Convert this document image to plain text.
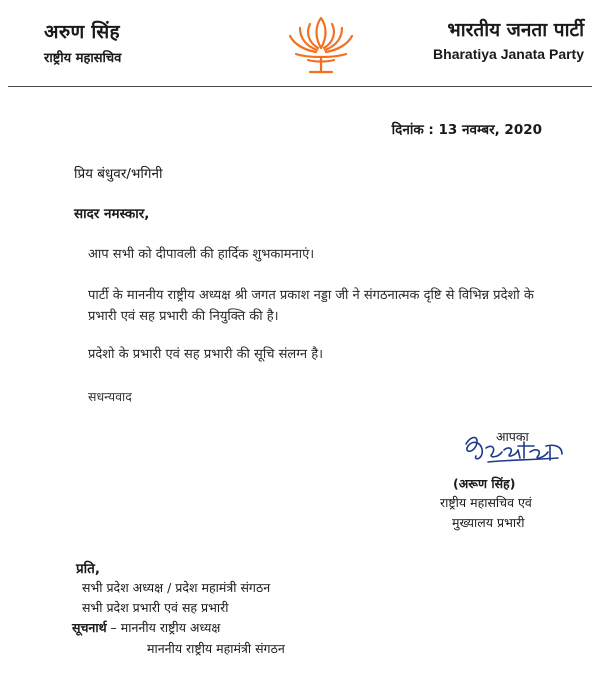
अरुण सिंह
राष्ट्रीय महासचिव
भारतीय जनता पार्टी
Bharatiya Janata Party
दिनांक : 13 नवम्बर, 2020
प्रिय बंधुवर/भगिनी
सादर नमस्कार,
आप सभी को दीपावली की हार्दिक शुभकामनाएं।
पार्टी के माननीय राष्ट्रीय अध्यक्ष श्री जगत प्रकाश नड्डा जी ने संगठनात्मक दृष्टि से विभिन्न प्रदेशो के प्रभारी एवं सह प्रभारी की नियुक्ति की है।
प्रदेशो के प्रभारी एवं सह प्रभारी की सूचि संलग्न है।
सधन्यवाद
आपका
(अरूण सिंह)
राष्ट्रीय महासचिव एवं
मुख्यालय प्रभारी
प्रति,
सभी प्रदेश अध्यक्ष / प्रदेश महामंत्री संगठन
सभी प्रदेश प्रभारी एवं सह प्रभारी
सूचनार्थ – माननीय राष्ट्रीय अध्यक्ष
माननीय राष्ट्रीय महामंत्री संगठन
